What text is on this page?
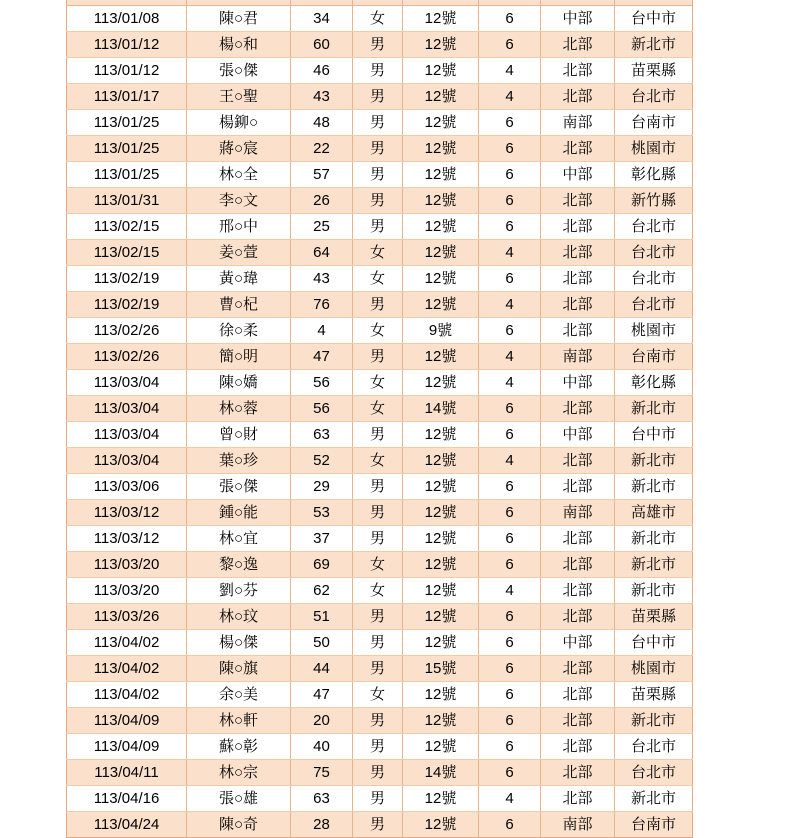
113/01/08	陳○君	34	女	12號	6	中部	台中市
113/01/12	楊○和	60	男	12號	6	北部	新北市
113/01/12	張○傑	46	男	12號	4	北部	苗栗縣
113/01/17	王○聖	43	男	12號	4	北部	台北市
113/01/25	楊鉚○	48	男	12號	6	南部	台南市
113/01/25	蔣○宸	22	男	12號	6	北部	桃園市
113/01/25	林○全	57	男	12號	6	中部	彰化縣
113/01/31	李○文	26	男	12號	6	北部	新竹縣
113/02/15	邢○中	25	男	12號	6	北部	台北市
113/02/15	姜○萱	64	女	12號	4	北部	台北市
113/02/19	黃○瑋	43	女	12號	6	北部	台北市
113/02/19	曹○杞	76	男	12號	4	北部	台北市
113/02/26	徐○柔	4	女	9號	6	北部	桃園市
113/02/26	簡○明	47	男	12號	4	南部	台南市
113/03/04	陳○嬌	56	女	12號	4	中部	彰化縣
113/03/04	林○蓉	56	女	14號	6	北部	新北市
113/03/04	曾○財	63	男	12號	6	中部	台中市
113/03/04	葉○珍	52	女	12號	4	北部	新北市
113/03/06	張○傑	29	男	12號	6	北部	新北市
113/03/12	鍾○能	53	男	12號	6	南部	高雄市
113/03/12	林○宜	37	男	12號	6	北部	新北市
113/03/20	黎○逸	69	女	12號	6	北部	新北市
113/03/20	劉○芬	62	女	12號	4	北部	新北市
113/03/26	林○玟	51	男	12號	6	北部	苗栗縣
113/04/02	楊○傑	50	男	12號	6	中部	台中市
113/04/02	陳○旗	44	男	15號	6	北部	桃園市
113/04/02	余○美	47	女	12號	6	北部	苗栗縣
113/04/09	林○軒	20	男	12號	6	北部	新北市
113/04/09	蘇○彰	40	男	12號	6	北部	台北市
113/04/11	林○宗	75	男	14號	6	北部	台北市
113/04/16	張○雄	63	男	12號	4	北部	新北市
113/04/24	陳○奇	28	男	12號	6	南部	台南市
